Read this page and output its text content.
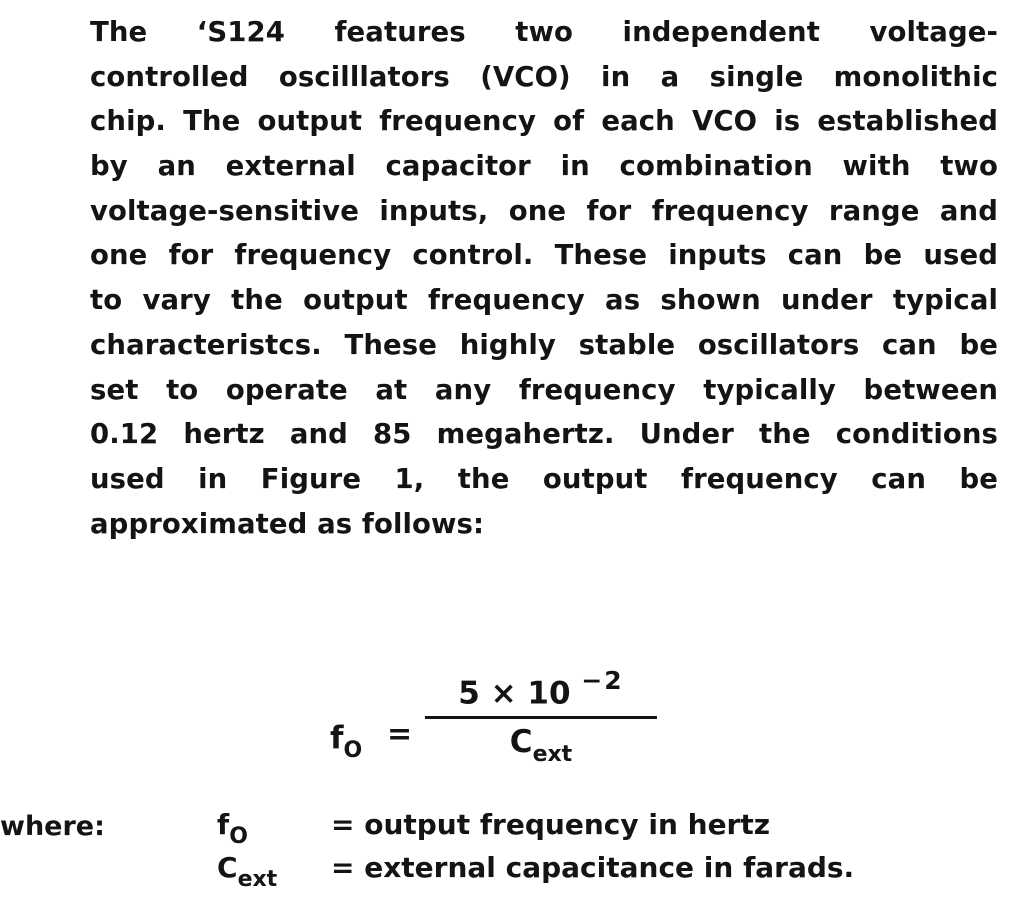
The ‘S124 features two independent voltage-
controlled oscilllators (VCO) in a single monolithic
chip. The output frequency of each VCO is established
by an external capacitor in combination with two
voltage-sensitive inputs, one for frequency range and
one for frequency control. These inputs can be used
to vary the output frequency as shown under typical
characteristcs. These highly stable oscillators can be
set to operate at any frequency typically between
0.12 hertz and 85 megahertz. Under the conditions
used in Figure 1, the output frequency can be
approximated as follows:
$f_O$ =
5 × 10 $^{-2}$
$C_{ext}$
where:	$f_O$	= output frequency in hertz
$C_{ext}$ = external capacitance in farads.
